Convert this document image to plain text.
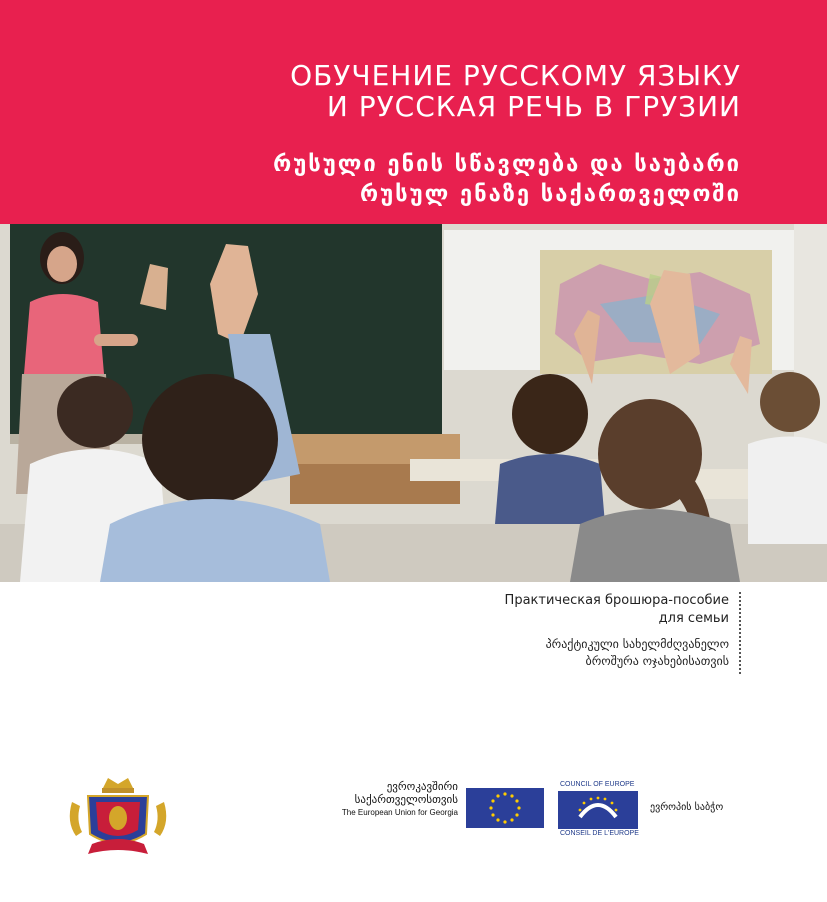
ОБУЧЕНИЕ РУССКОМУ ЯЗЫКУ
И РУССКАЯ РЕЧЬ В ГРУЗИИ
რუსული ენის სწავლება და საუბარი
რუსულ ენაზე საქართველოში

Практическая брошюра-пособие
для семьи

პრაქტიკული სახელმძღვანელო
ბროშურა ოჯახებისათვის

ევროკავშირი
საქართველოსთვის
The European Union for Georgia
COUNCIL OF EUROPE
CONSEIL DE L'EUROPE
ევროპის საბჭო
